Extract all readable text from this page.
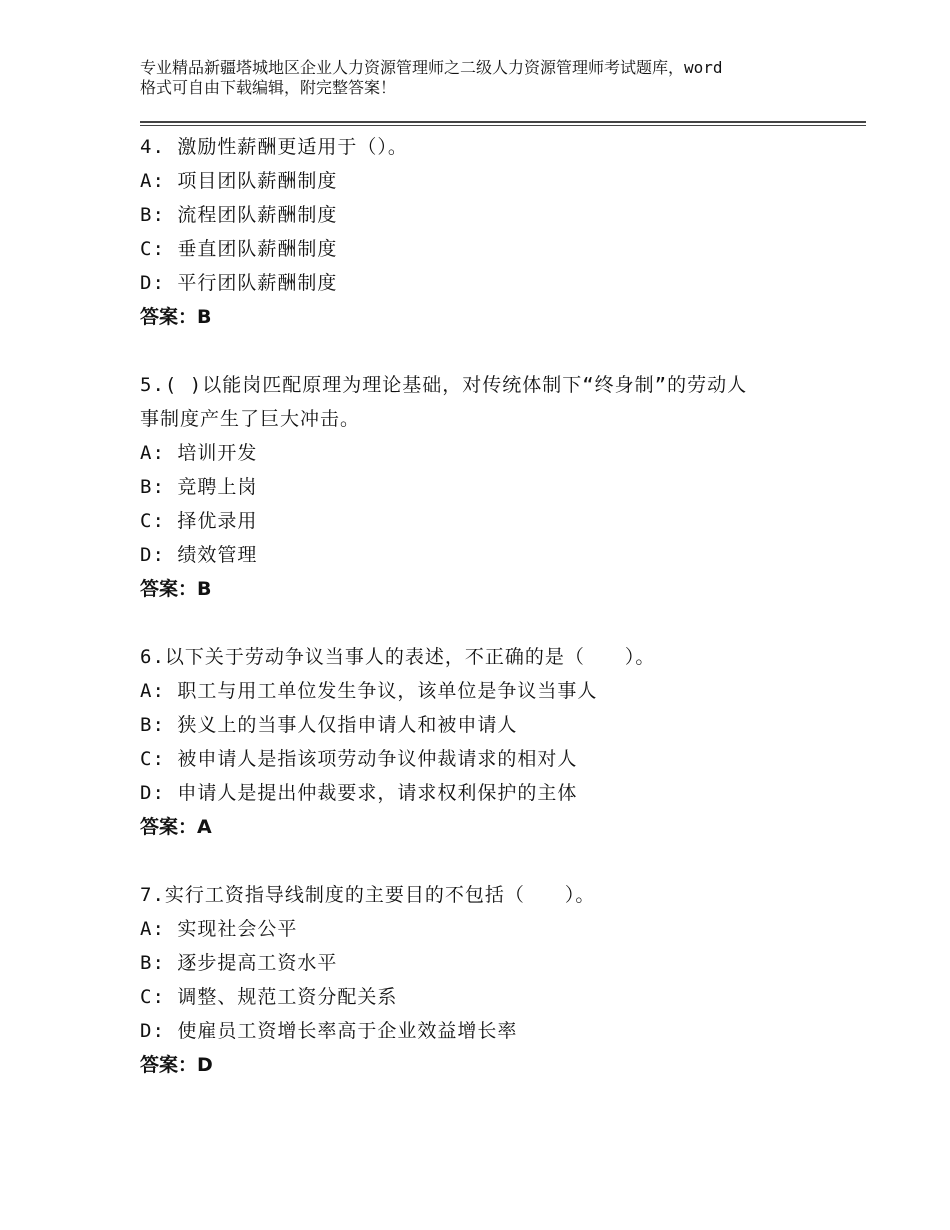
专业精品新疆塔城地区企业人力资源管理师之二级人力资源管理师考试题库，word
格式可自由下载编辑，附完整答案！
4. 激励性薪酬更适用于（）。
A: 项目团队薪酬制度
B: 流程团队薪酬制度
C: 垂直团队薪酬制度
D: 平行团队薪酬制度
答案：B
5.( )以能岗匹配原理为理论基础，对传统体制下“终身制”的劳动人
事制度产生了巨大冲击。
A: 培训开发
B: 竞聘上岗
C: 择优录用
D: 绩效管理
答案：B
6.以下关于劳动争议当事人的表述，不正确的是（　　）。
A: 职工与用工单位发生争议，该单位是争议当事人
B: 狭义上的当事人仅指申请人和被申请人
C: 被申请人是指该项劳动争议仲裁请求的相对人
D: 申请人是提出仲裁要求，请求权利保护的主体
答案：A
7.实行工资指导线制度的主要目的不包括（　　）。
A: 实现社会公平
B: 逐步提高工资水平
C: 调整、规范工资分配关系
D: 使雇员工资增长率高于企业效益增长率
答案：D
